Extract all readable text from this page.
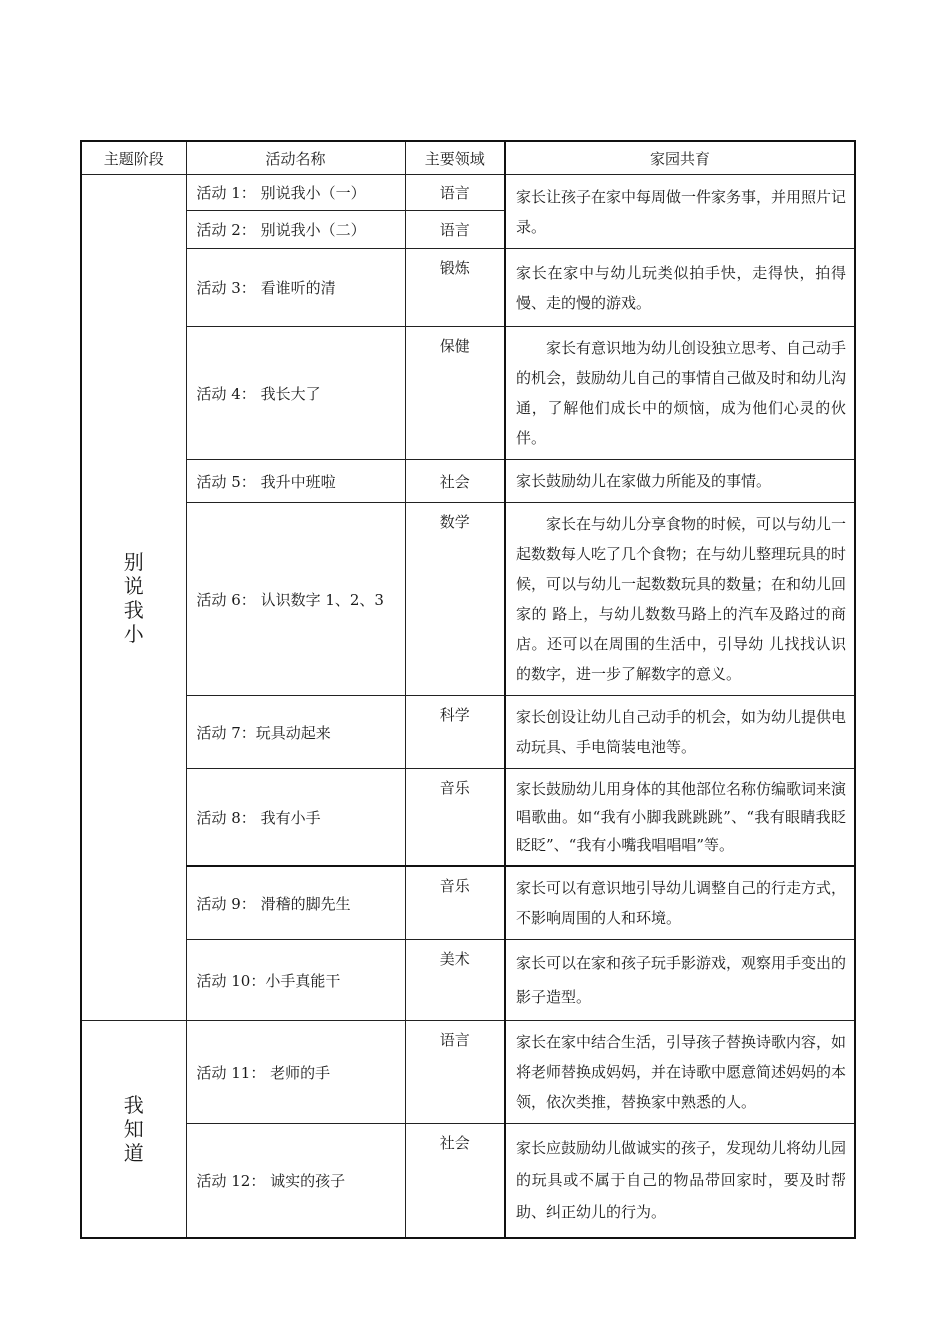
主题阶段	活动名称	主要领域	家园共育

别
说
我
小	活动 1： 别说我小（一）	语言	家长让孩子在家中每周做一件家务事，并用照片记录。
	活动 2： 别说我小（二）	语言	
	活动 3： 看谁听的清	锻炼	家长在家中与幼儿玩类似拍手快，走得快，拍得慢、走的慢的游戏。
	活动 4： 我长大了	保健	家长有意识地为幼儿创设独立思考、自己动手的机会，鼓励幼儿自己的事情自己做及时和幼儿沟通，了解他们成长中的烦恼，成为他们心灵的伙伴。
	活动 5： 我升中班啦	社会	家长鼓励幼儿在家做力所能及的事情。
	活动 6： 认识数字 1、2、3	数学	家长在与幼儿分享食物的时候，可以与幼儿一起数数每人吃了几个食物；在与幼儿整理玩具的时候，可以与幼儿一起数数玩具的数量；在和幼儿回家的 路上，与幼儿数数马路上的汽车及路过的商店。还可以在周围的生活中，引导幼 儿找找认识的数字，进一步了解数字的意义。
	活动 7：玩具动起来	科学	家长创设让幼儿自己动手的机会，如为幼儿提供电动玩具、手电筒装电池等。
	活动 8： 我有小手	音乐	家长鼓励幼儿用身体的其他部位名称仿编歌词来演唱歌曲。如“我有小脚我跳跳跳”、“我有眼睛我眨眨眨”、“我有小嘴我唱唱唱”等。
	活动 9： 滑稽的脚先生	音乐	家长可以有意识地引导幼儿调整自己的行走方式，不影响周围的人和环境。
	活动 10：小手真能干	美术	家长可以在家和孩子玩手影游戏，观察用手变出的影子造型。

我
知
道	活动 11： 老师的手	语言	家长在家中结合生活，引导孩子替换诗歌内容，如将老师替换成妈妈，并在诗歌中愿意简述妈妈的本领，依次类推，替换家中熟悉的人。
	活动 12： 诚实的孩子	社会	家长应鼓励幼儿做诚实的孩子，发现幼儿将幼儿园的玩具或不属于自己的物品带回家时，要及时帮助、纠正幼儿的行为。
